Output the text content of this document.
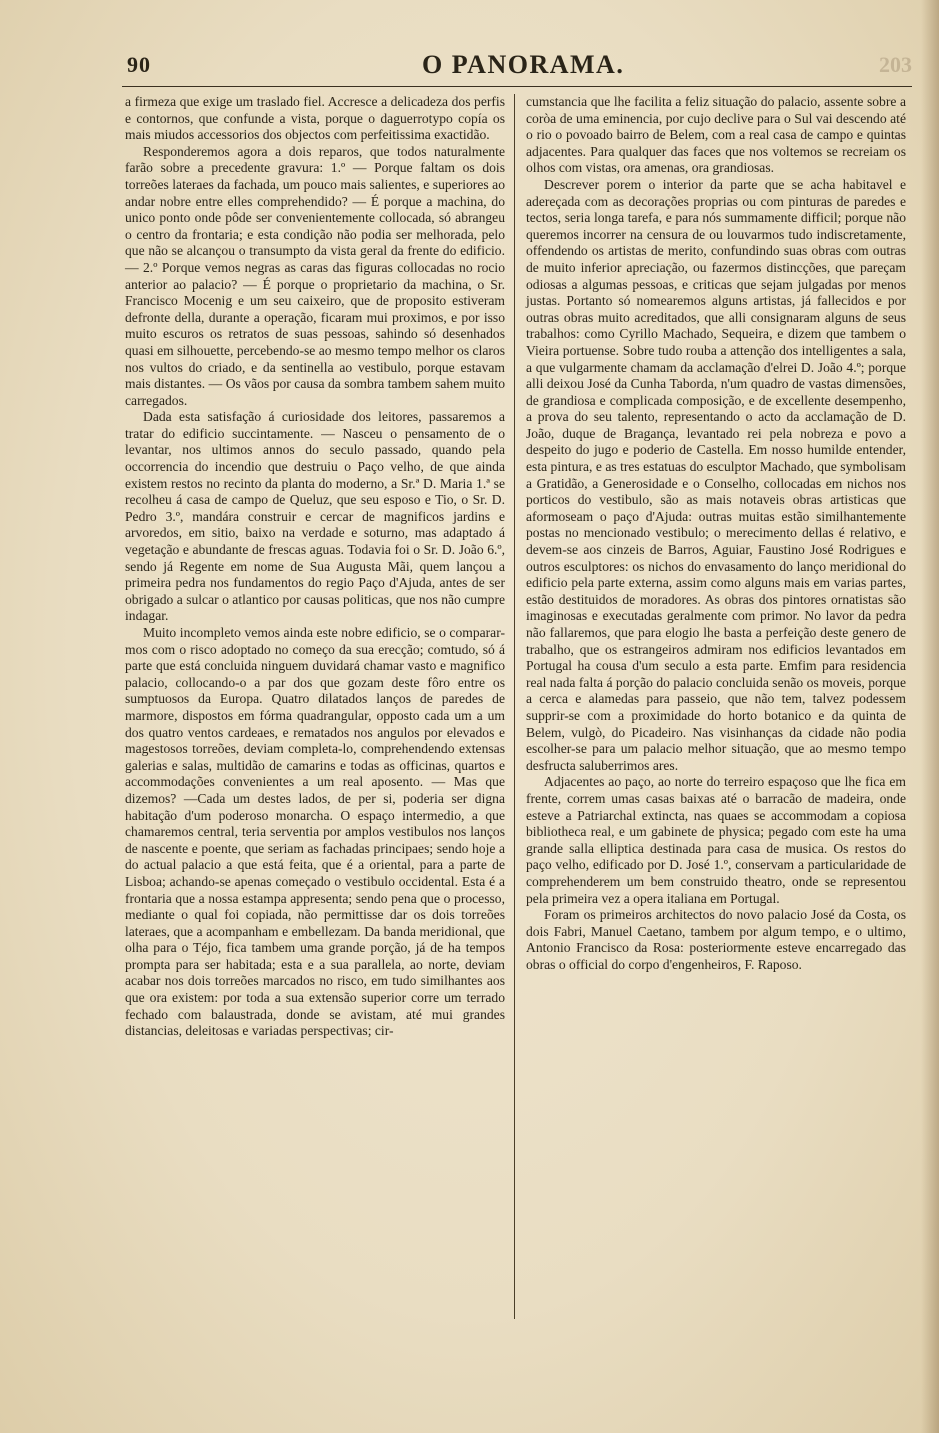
90	O PANORAMA.	203

a firmeza que exige um traslado fiel. Accresce a delicadeza dos perfis e contornos, que confunde a vista, porque o daguerrotypo copía os mais miudos accessorios dos objectos com perfeitissima exactidão.

Responderemos agora a dois reparos, que todos naturalmente farão sobre a precedente gravura: 1.º — Porque faltam os dois torreões lateraes da fachada, um pouco mais salientes, e superiores ao andar nobre entre elles comprehendido? — É porque a machina, do unico ponto onde pôde ser convenientemente collocada, só abrangeu o centro da frontaria; e esta condição não podia ser melhorada, pelo que não se alcançou o transumpto da vista geral da frente do edificio. — 2.º Porque vemos negras as caras das figuras collocadas no rocio anterior ao palacio? — É porque o proprietario da machina, o Sr. Francisco Mocenig e um seu caixeiro, que de proposito estiveram defronte della, durante a operação, ficaram mui proximos, e por isso muito escuros os retratos de suas pessoas, sahindo só desenhados quasi em silhouette, percebendo-se ao mesmo tempo melhor os claros nos vultos do criado, e da sentinella ao vestibulo, porque estavam mais distantes. — Os vãos por causa da sombra tambem sahem muito carregados.

Dada esta satisfação á curiosidade dos leitores, passaremos a tratar do edificio succintamente. — Nasceu o pensamento de o levantar, nos ultimos annos do seculo passado, quando pela occorrencia do incendio que destruiu o Paço velho, de que ainda existem restos no recinto da planta do moderno, a Sr.ª D. Maria 1.ª se recolheu á casa de campo de Queluz, que seu esposo e Tio, o Sr. D. Pedro 3.º, mandára construir e cercar de magnificos jardins e arvoredos, em sitio, baixo na verdade e soturno, mas adaptado á vegetação e abundante de frescas aguas. Todavia foi o Sr. D. João 6.º, sendo já Regente em nome de Sua Augusta Mãi, quem lançou a primeira pedra nos fundamentos do regio Paço d'Ajuda, antes de ser obrigado a sulcar o atlantico por causas politicas, que nos não cumpre indagar.

Muito incompleto vemos ainda este nobre edificio, se o comparar-mos com o risco adoptado no começo da sua erecção; comtudo, só á parte que está concluida ninguem duvidará chamar vasto e magnifico palacio, collocando-o a par dos que gozam deste fôro entre os sumptuosos da Europa. Quatro dilatados lanços de paredes de marmore, dispostos em fórma quadrangular, opposto cada um a um dos quatro ventos cardeaes, e rematados nos angulos por elevados e magestosos torreões, deviam completa-lo, comprehendendo extensas galerias e salas, multidão de camarins e todas as officinas, quartos e accommodações convenientes a um real aposento. — Mas que dizemos? —Cada um destes lados, de per si, poderia ser digna habitação d'um poderoso monarcha. O espaço intermedio, a que chamaremos central, teria serventia por amplos vestibulos nos lanços de nascente e poente, que seriam as fachadas principaes; sendo hoje a do actual palacio a que está feita, que é a oriental, para a parte de Lisboa; achando-se apenas começado o vestibulo occidental. Esta é a frontaria que a nossa estampa appresenta; sendo pena que o processo, mediante o qual foi copiada, não permittisse dar os dois torreões lateraes, que a acompanham e embellezam. Da banda meridional, que olha para o Téjo, fica tambem uma grande porção, já de ha tempos prompta para ser habitada; esta e a sua parallela, ao norte, deviam acabar nos dois torreões marcados no risco, em tudo similhantes aos que ora existem: por toda a sua extensão superior corre um terrado fechado com balaustrada, donde se avistam, até mui grandes distancias, deleitosas e variadas perspectivas; cir-

cumstancia que lhe facilita a feliz situação do palacio, assente sobre a coròa de uma eminencia, por cujo declive para o Sul vai descendo até o rio o povoado bairro de Belem, com a real casa de campo e quintas adjacentes. Para qualquer das faces que nos voltemos se recreiam os olhos com vistas, ora amenas, ora grandiosas.

Descrever porem o interior da parte que se acha habitavel e adereçada com as decorações proprias ou com pinturas de paredes e tectos, seria longa tarefa, e para nós summamente difficil; porque não queremos incorrer na censura de ou louvarmos tudo indiscretamente, offendendo os artistas de merito, confundindo suas obras com outras de muito inferior apreciação, ou fazermos distincções, que pareçam odiosas a algumas pessoas, e criticas que sejam julgadas por menos justas. Portanto só nomearemos alguns artistas, já fallecidos e por outras obras muito acreditados, que alli consignaram alguns de seus trabalhos: como Cyrillo Machado, Sequeira, e dizem que tambem o Vieira portuense. Sobre tudo rouba a attenção dos intelligentes a sala, a que vulgarmente chamam da acclamação d'elrei D. João 4.º; porque alli deixou José da Cunha Taborda, n'um quadro de vastas dimensões, de grandiosa e complicada composição, e de excellente desempenho, a prova do seu talento, representando o acto da acclamação de D. João, duque de Bragança, levantado rei pela nobreza e povo a despeito do jugo e poderio de Castella. Em nosso humilde entender, esta pintura, e as tres estatuas do esculptor Machado, que symbolisam a Gratidão, a Generosidade e o Conselho, collocadas em nichos nos porticos do vestibulo, são as mais notaveis obras artisticas que aformoseam o paço d'Ajuda: outras muitas estão similhantemente postas no mencionado vestibulo; o merecimento dellas é relativo, e devem-se aos cinzeis de Barros, Aguiar, Faustino José Rodrigues e outros esculptores: os nichos do envasamento do lanço meridional do edificio pela parte externa, assim como alguns mais em varias partes, estão destituidos de moradores. As obras dos pintores ornatistas são imaginosas e executadas geralmente com primor. No lavor da pedra não fallaremos, que para elogio lhe basta a perfeição deste genero de trabalho, que os estrangeiros admiram nos edificios levantados em Portugal ha cousa d'um seculo a esta parte. Emfim para residencia real nada falta á porção do palacio concluida senão os moveis, porque a cerca e alamedas para passeio, que não tem, talvez podessem supprir-se com a proximidade do horto botanico e da quinta de Belem, vulgò, do Picadeiro. Nas visinhanças da cidade não podia escolher-se para um palacio melhor situação, que ao mesmo tempo desfructa saluberrimos ares.

Adjacentes ao paço, ao norte do terreiro espaçoso que lhe fica em frente, correm umas casas baixas até o barracão de madeira, onde esteve a Patriarchal extincta, nas quaes se accommodam a copiosa bibliotheca real, e um gabinete de physica; pegado com este ha uma grande salla elliptica destinada para casa de musica. Os restos do paço velho, edificado por D. José 1.º, conservam a particularidade de comprehenderem um bem construido theatro, onde se representou pela primeira vez a opera italiana em Portugal.

Foram os primeiros architectos do novo palacio José da Costa, os dois Fabri, Manuel Caetano, tambem por algum tempo, e o ultimo, Antonio Francisco da Rosa: posteriormente esteve encarregado das obras o official do corpo d'engenheiros, F. Raposo.
